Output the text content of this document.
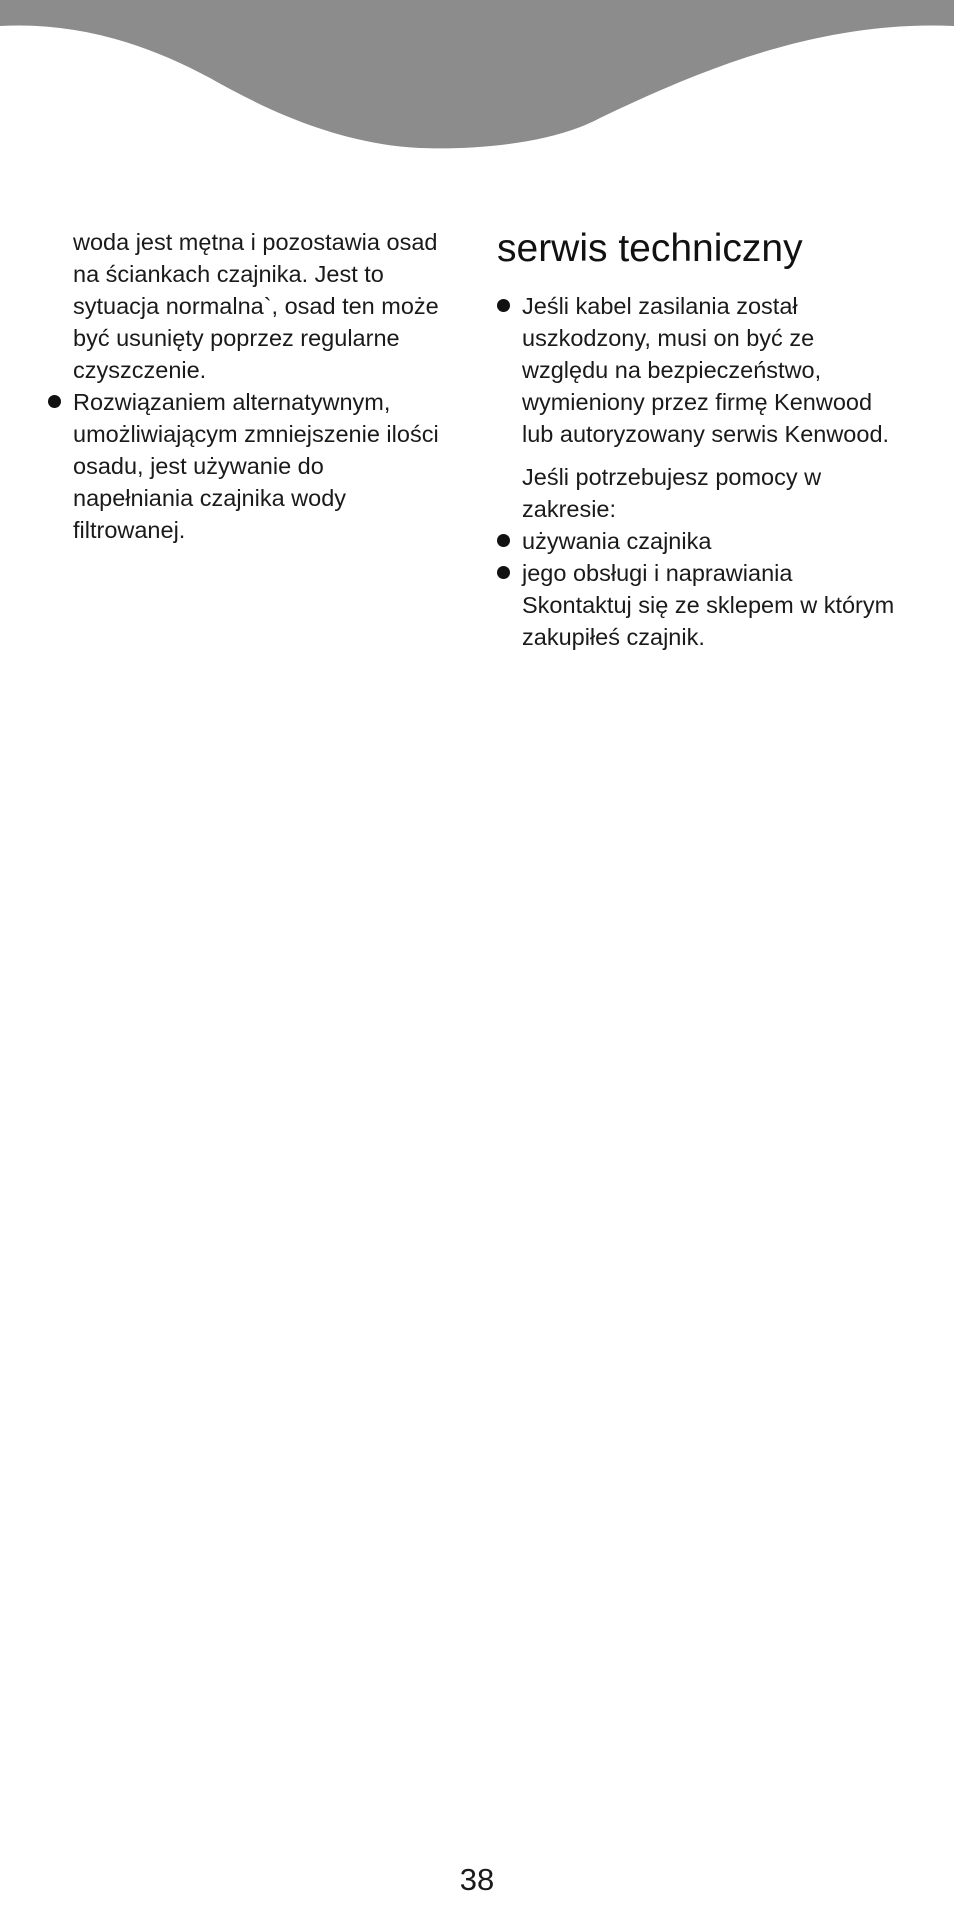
woda jest mętna i pozostawia osad
na ściankach czajnika. Jest to
sytuacja normalna`, osad ten może
być usunięty poprzez regularne
czyszczenie.

Rozwiązaniem alternatywnym,
umożliwiającym zmniejszenie ilości
osadu, jest używanie do
napełniania czajnika wody
filtrowanej.

serwis techniczny

Jeśli kabel zasilania został
uszkodzony, musi on być ze
względu na bezpieczeństwo,
wymieniony przez firmę Kenwood
lub autoryzowany serwis Kenwood.

Jeśli potrzebujesz pomocy w
zakresie:

używania czajnika

jego obsługi i naprawiania
Skontaktuj się ze sklepem w którym
zakupiłeś czajnik.

38
